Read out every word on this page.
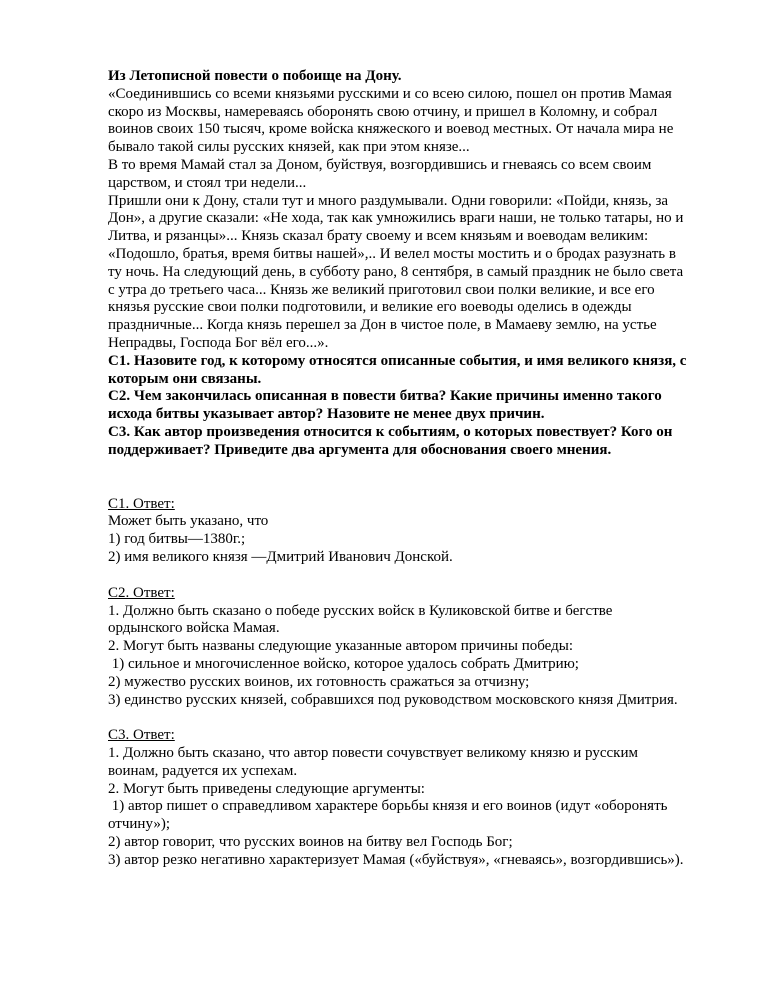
Из Летописной повести о побоище на Дону.
«Соединившись со всеми князьями русскими и со всею силою, пошел он против Мамая
скоро из Москвы, намереваясь оборонять свою отчину, и пришел в Коломну, и собрал
воинов своих 150 тысяч, кроме войска княжеского и воевод местных. От начала мира не
бывало такой силы русских князей, как при этом князе...
В то время Мамай стал за Доном, буйствуя, возгордившись и гневаясь со всем своим
царством, и стоял три недели...
Пришли они к Дону, стали тут и много раздумывали. Одни говорили: «Пойди, князь, за
Дон», а другие сказали: «Не хода, так как умножились враги наши, не только татары, но и
Литва, и рязанцы»... Князь сказал брату своему и всем князьям и воеводам великим:
«Подошло, братья, время битвы нашей»,.. И велел мосты мостить и о бродах разузнать в
ту ночь. На следующий день, в субботу рано, 8 сентября, в самый праздник не было света
с утра до третьего часа... Князь же великий приготовил свои полки великие, и все его
князья русские свои полки подготовили, и великие его воеводы оделись в одежды
праздничные... Когда князь перешел за Дон в чистое поле, в Мамаеву землю, на устье
Непрадвы, Господа Бог вёл его...».
С1. Назовите год, к которому относятся описанные события, и имя великого князя, с
которым они связаны.
С2. Чем закончилась описанная в повести битва? Какие причины именно такого
исхода битвы указывает автор? Назовите не менее двух причин.
С3. Как автор произведения относится к событиям, о которых повествует? Кого он
поддерживает? Приведите два аргумента для обоснования своего мнения.
С1. Ответ:
Может быть указано, что
1) год битвы—1380г.;
2) имя великого князя —Дмитрий Иванович Донской.
С2. Ответ:
1. Должно быть сказано о победе русских войск в Куликовской битве и бегстве
ордынского войска Мамая.
2. Могут быть названы следующие указанные автором причины победы:
1) сильное и многочисленное войско, которое удалось собрать Дмитрию;
2) мужество русских воинов, их готовность сражаться за отчизну;
3) единство русских князей, собравшихся под руководством московского князя Дмитрия.
С3. Ответ:
1. Должно быть сказано, что автор повести сочувствует великому князю и русским
воинам, радуется их успехам.
2. Могут быть приведены следующие аргументы:
1) автор пишет о справедливом характере борьбы князя и его воинов (идут «оборонять
отчину»);
2) автор говорит, что русских воинов на битву вел Господь Бог;
3) автор резко негативно характеризует Мамая («буйствуя», «гневаясь», возгордившись»).
